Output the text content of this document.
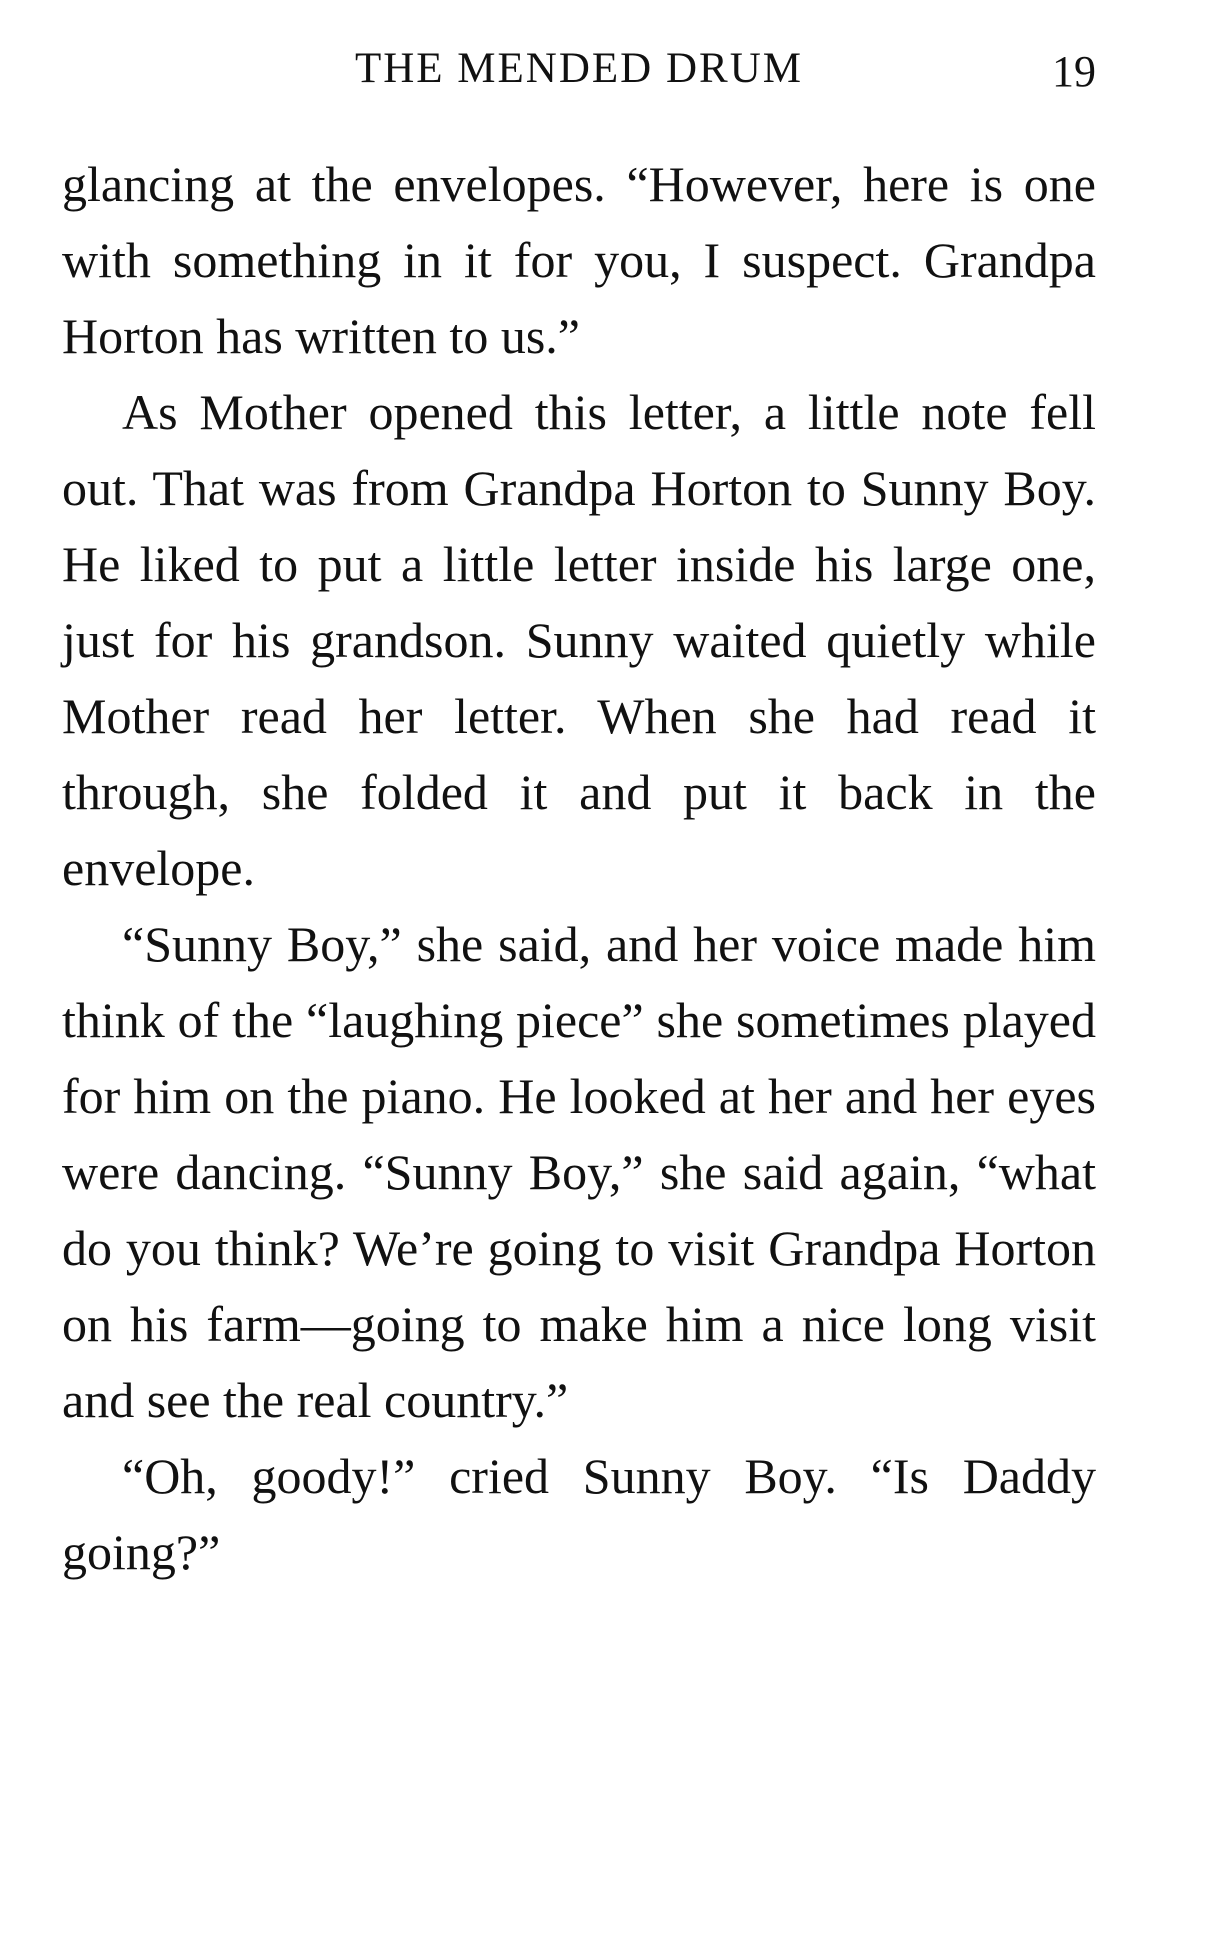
THE MENDED DRUM	19

glancing at the envelopes. “However, here is one with something in it for you, I suspect. Grandpa Horton has written to us.”

As Mother opened this letter, a little note fell out. That was from Grandpa Horton to Sunny Boy. He liked to put a little letter inside his large one, just for his grandson. Sunny waited quietly while Mother read her letter. When she had read it through, she folded it and put it back in the envelope.

“Sunny Boy,” she said, and her voice made him think of the “laughing piece” she sometimes played for him on the piano. He looked at her and her eyes were dancing. “Sunny Boy,” she said again, “what do you think? We’re going to visit Grandpa Horton on his farm—going to make him a nice long visit and see the real country.”

“Oh, goody!” cried Sunny Boy. “Is Daddy going?”
